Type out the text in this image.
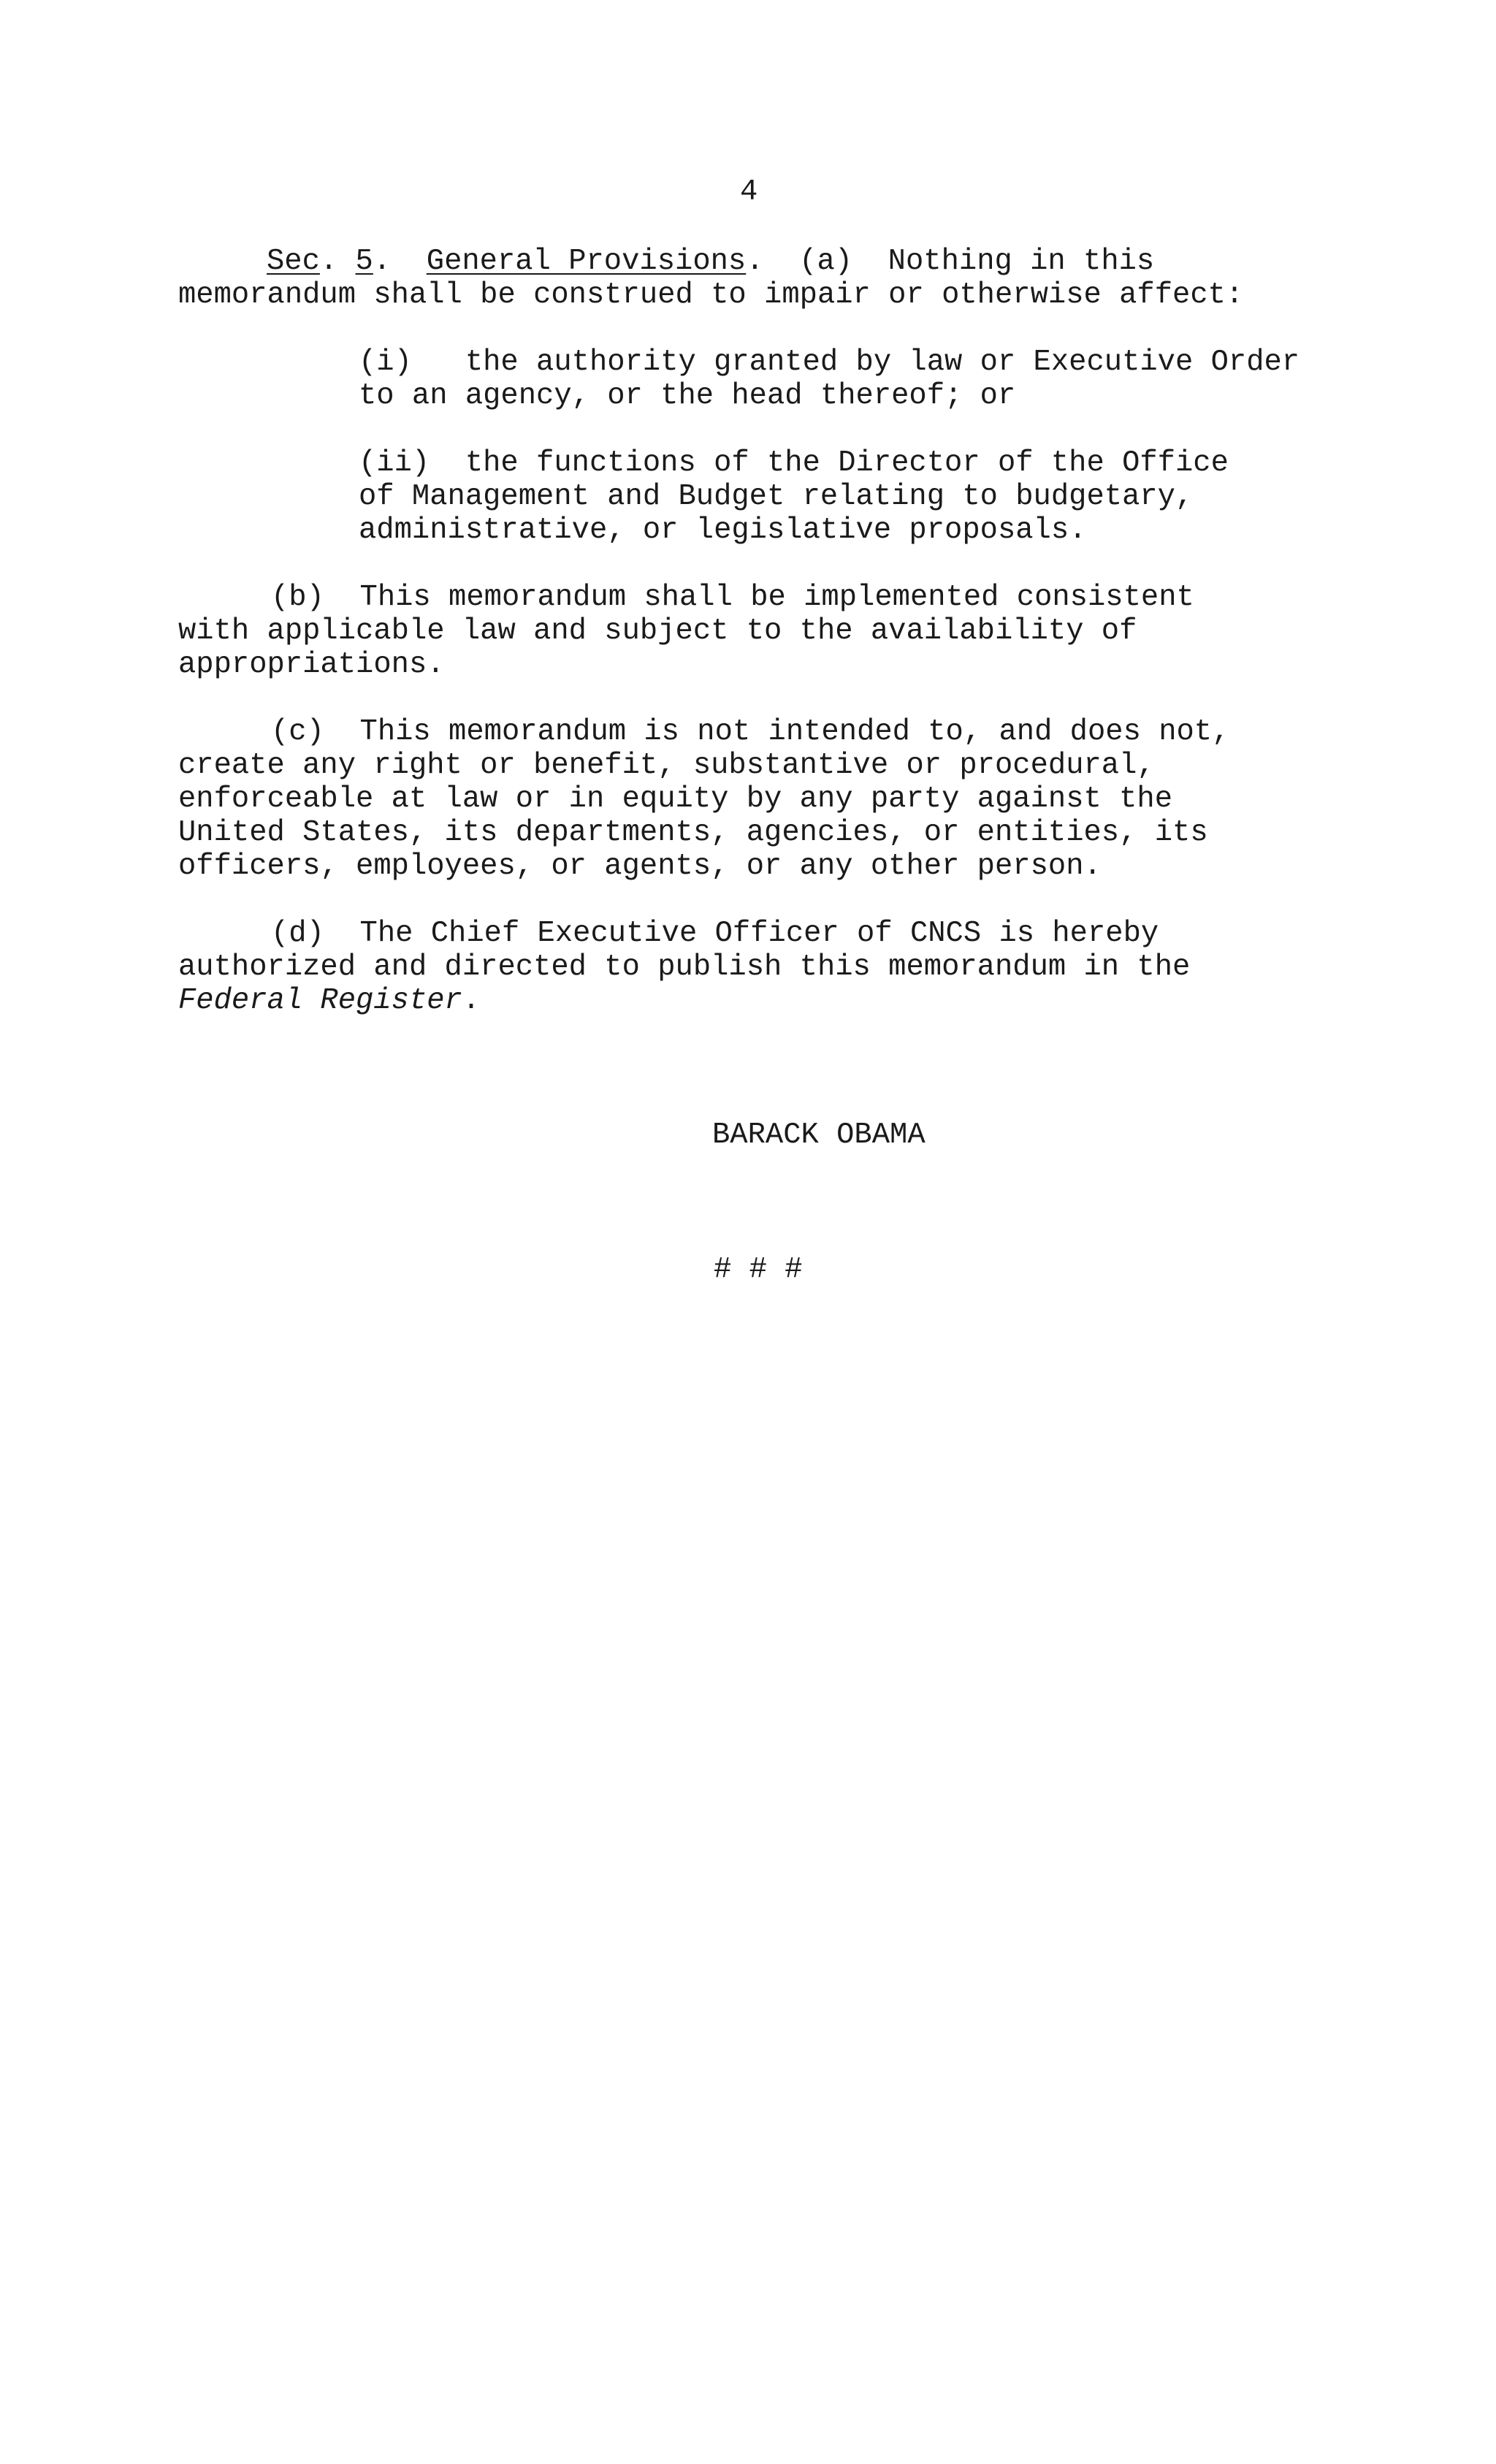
4
Sec. 5.  General Provisions.  (a)  Nothing in this
memorandum shall be construed to impair or otherwise affect:
(i)   the authority granted by law or Executive Order
to an agency, or the head thereof; or
(ii)  the functions of the Director of the Office
of Management and Budget relating to budgetary,
administrative, or legislative proposals.
(b)  This memorandum shall be implemented consistent
with applicable law and subject to the availability of
appropriations.
(c)  This memorandum is not intended to, and does not,
create any right or benefit, substantive or procedural,
enforceable at law or in equity by any party against the
United States, its departments, agencies, or entities, its
officers, employees, or agents, or any other person.
(d)  The Chief Executive Officer of CNCS is hereby
authorized and directed to publish this memorandum in the
Federal Register.
BARACK OBAMA
# # #
